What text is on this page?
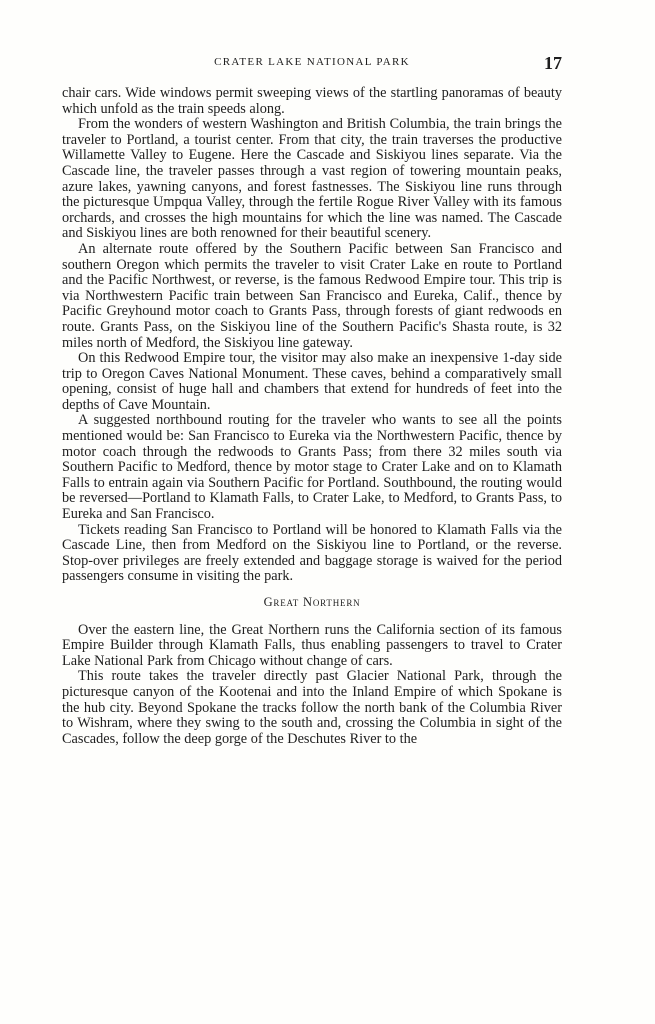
CRATER LAKE NATIONAL PARK	17

chair cars. Wide windows permit sweeping views of the startling panoramas of beauty which unfold as the train speeds along.

From the wonders of western Washington and British Columbia, the train brings the traveler to Portland, a tourist center. From that city, the train traverses the productive Willamette Valley to Eugene. Here the Cascade and Siskiyou lines separate. Via the Cascade line, the traveler passes through a vast region of towering mountain peaks, azure lakes, yawning canyons, and forest fastnesses. The Siskiyou line runs through the picturesque Umpqua Valley, through the fertile Rogue River Valley with its famous orchards, and crosses the high mountains for which the line was named. The Cascade and Siskiyou lines are both renowned for their beautiful scenery.

An alternate route offered by the Southern Pacific between San Francisco and southern Oregon which permits the traveler to visit Crater Lake en route to Portland and the Pacific Northwest, or reverse, is the famous Redwood Empire tour. This trip is via Northwestern Pacific train between San Francisco and Eureka, Calif., thence by Pacific Greyhound motor coach to Grants Pass, through forests of giant redwoods en route. Grants Pass, on the Siskiyou line of the Southern Pacific's Shasta route, is 32 miles north of Medford, the Siskiyou line gateway.

On this Redwood Empire tour, the visitor may also make an inexpensive 1-day side trip to Oregon Caves National Monument. These caves, behind a comparatively small opening, consist of huge hall and chambers that extend for hundreds of feet into the depths of Cave Mountain.

A suggested northbound routing for the traveler who wants to see all the points mentioned would be: San Francisco to Eureka via the Northwestern Pacific, thence by motor coach through the redwoods to Grants Pass; from there 32 miles south via Southern Pacific to Medford, thence by motor stage to Crater Lake and on to Klamath Falls to entrain again via Southern Pacific for Portland. Southbound, the routing would be reversed—Portland to Klamath Falls, to Crater Lake, to Medford, to Grants Pass, to Eureka and San Francisco.

Tickets reading San Francisco to Portland will be honored to Klamath Falls via the Cascade Line, then from Medford on the Siskiyou line to Portland, or the reverse. Stop-over privileges are freely extended and baggage storage is waived for the period passengers consume in visiting the park.

Great Northern

Over the eastern line, the Great Northern runs the California section of its famous Empire Builder through Klamath Falls, thus enabling passengers to travel to Crater Lake National Park from Chicago without change of cars.

This route takes the traveler directly past Glacier National Park, through the picturesque canyon of the Kootenai and into the Inland Empire of which Spokane is the hub city. Beyond Spokane the tracks follow the north bank of the Columbia River to Wishram, where they swing to the south and, crossing the Columbia in sight of the Cascades, follow the deep gorge of the Deschutes River to the
